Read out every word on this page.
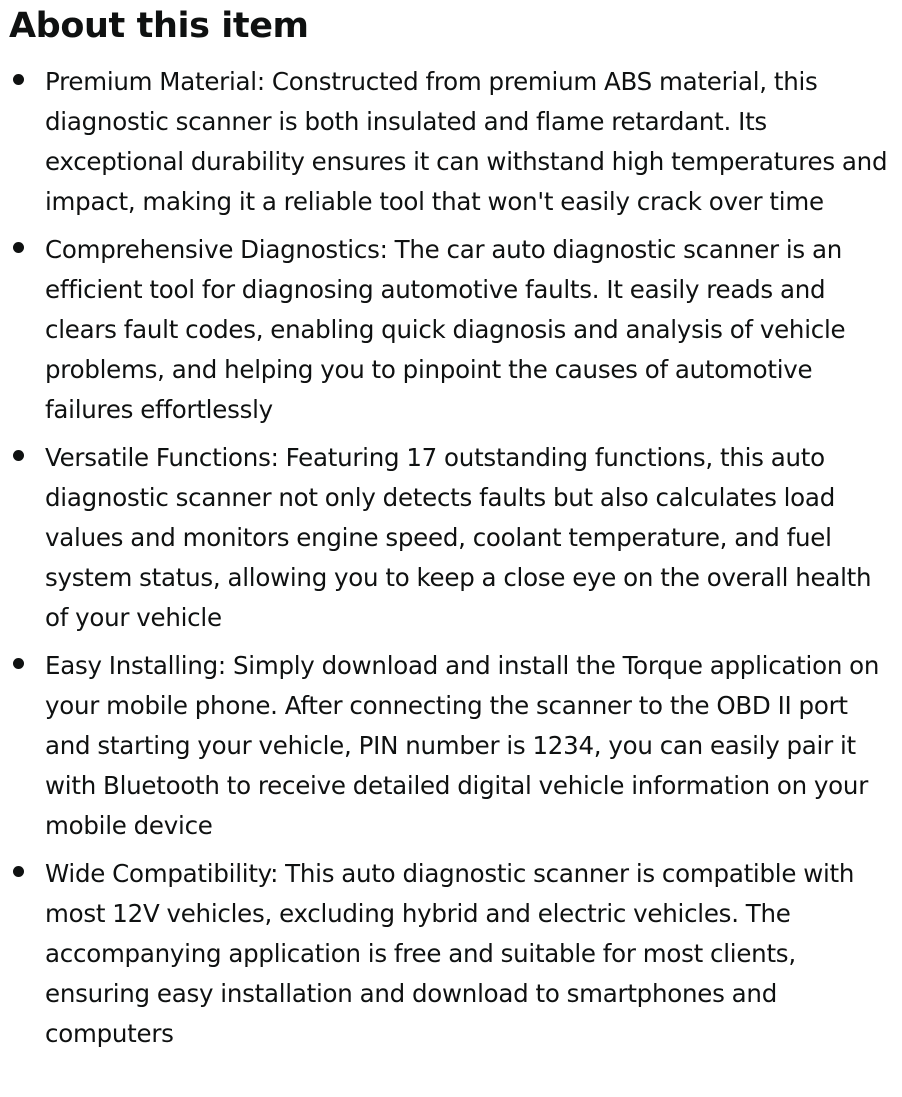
About this item
Premium Material: Constructed from premium ABS material, this diagnostic scanner is both insulated and flame retardant. Its exceptional durability ensures it can withstand high temperatures and impact, making it a reliable tool that won't easily crack over time
Comprehensive Diagnostics: The car auto diagnostic scanner is an efficient tool for diagnosing automotive faults. It easily reads and clears fault codes, enabling quick diagnosis and analysis of vehicle problems, and helping you to pinpoint the causes of automotive failures effortlessly
Versatile Functions: Featuring 17 outstanding functions, this auto diagnostic scanner not only detects faults but also calculates load values and monitors engine speed, coolant temperature, and fuel system status, allowing you to keep a close eye on the overall health of your vehicle
Easy Installing: Simply download and install the Torque application on your mobile phone. After connecting the scanner to the OBD II port and starting your vehicle, PIN number is 1234, you can easily pair it with Bluetooth to receive detailed digital vehicle information on your mobile device
Wide Compatibility: This auto diagnostic scanner is compatible with most 12V vehicles, excluding hybrid and electric vehicles. The accompanying application is free and suitable for most clients, ensuring easy installation and download to smartphones and computers
